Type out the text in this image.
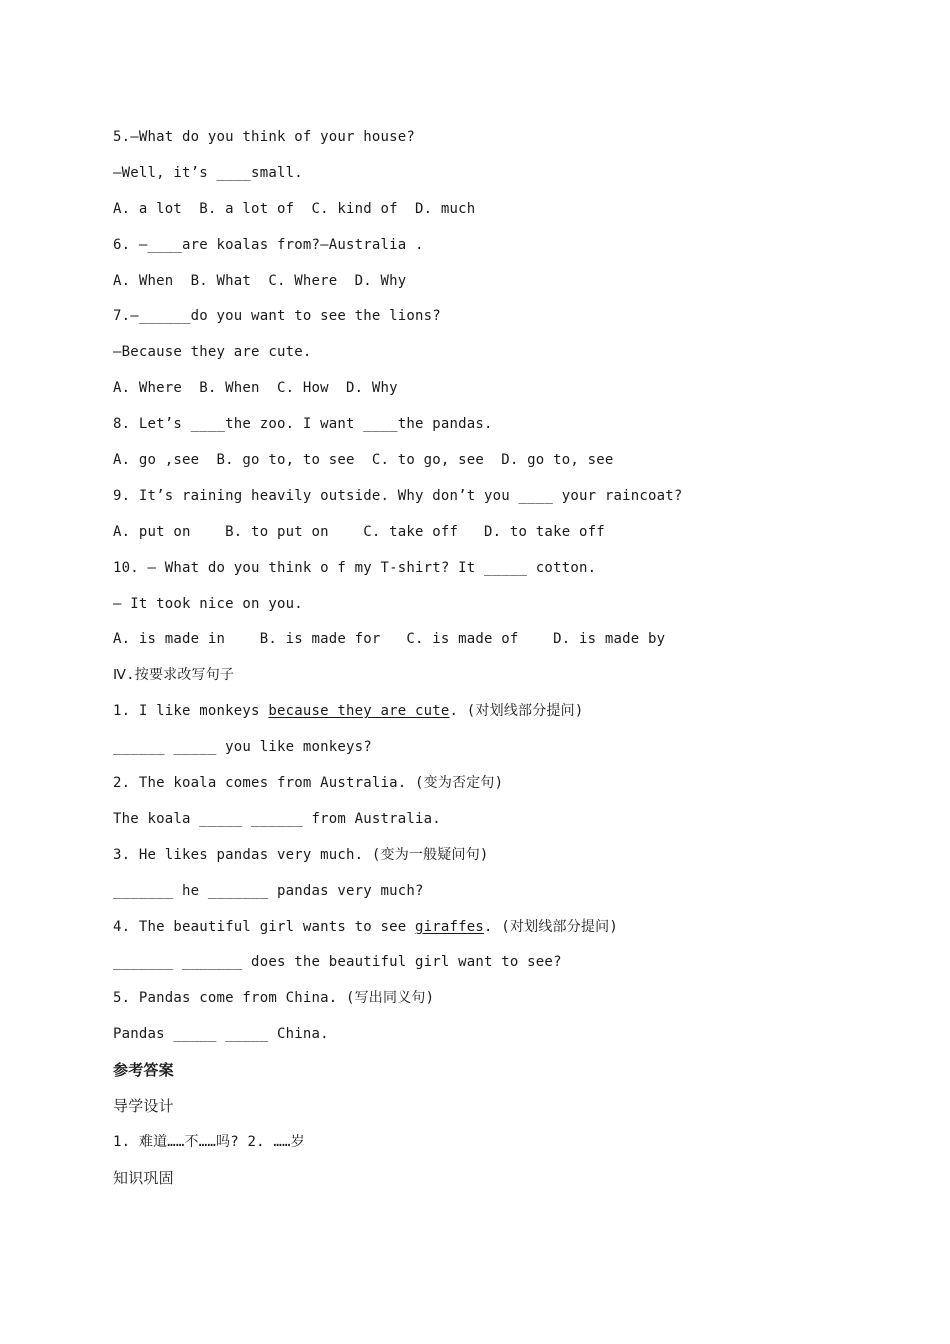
5.—What do you think of your house?
—Well, it’s ____small.
A. a lot  B. a lot of  C. kind of  D. much
6. —____are koalas from?—Australia .
A. When  B. What  C. Where  D. Why
7.—______do you want to see the lions?
—Because they are cute.
A. Where  B. When  C. How  D. Why
8. Let’s ____the zoo. I want ____the pandas.
A. go ,see  B. go to, to see  C. to go, see  D. go to, see
9. It’s raining heavily outside. Why don’t you ____ your raincoat?
A. put on    B. to put on    C. take off   D. to take off
10. — What do you think o f my T-shirt? It _____ cotton.
— It took nice on you.
A. is made in    B. is made for   C. is made of    D. is made by
Ⅳ.按要求改写句子
1. I like monkeys because they are cute. (对划线部分提问)
______ _____ you like monkeys?
2. The koala comes from Australia. (变为否定句)
The koala _____ ______ from Australia.
3. He likes pandas very much. (变为一般疑问句)
_______ he _______ pandas very much?
4. The beautiful girl wants to see giraffes. (对划线部分提问)
_______ _______ does the beautiful girl want to see?
5. Pandas come from China. (写出同义句)
Pandas _____ _____ China.
参考答案
导学设计
1. 难道……不……吗? 2. ……岁
知识巩固
